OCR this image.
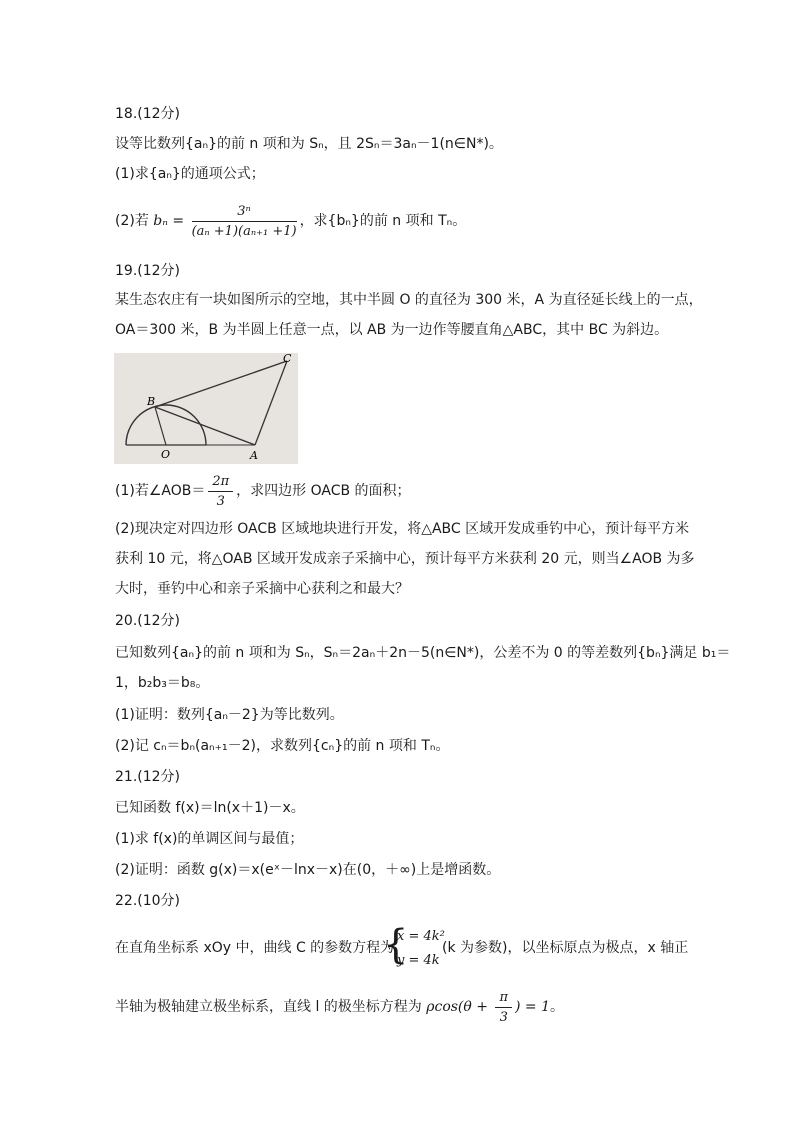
18.(12分)
设等比数列{aₙ}的前 n 项和为 Sₙ，且 2Sₙ＝3aₙ－1(n∈N*)。
(1)求{aₙ}的通项公式；
(2)若 $b_n = \frac{\text{3ⁿ}}{\text{(aₙ +1)(aₙ₊₁ +1)}}$ ，求{bₙ}的前 n 项和 Tₙ。
19.(12分)
某生态农庄有一块如图所示的空地，其中半圆 O 的直径为 300 米，A 为直径延长线上的一点，
OA＝300 米，B 为半圆上任意一点，以 AB 为一边作等腰直角△ABC，其中 BC 为斜边。
B
O	A
C
(1)若∠AOB＝ $\frac{2\pi}{3}$ ，求四边形 OACB 的面积；
(2)现决定对四边形 OACB 区域地块进行开发，将△ABC 区域开发成垂钓中心，预计每平方米
获利 10 元，将△OAB 区域开发成亲子采摘中心，预计每平方米获利 20 元，则当∠AOB 为多
大时，垂钓中心和亲子采摘中心获利之和最大？
20.(12分)
已知数列{aₙ}的前 n 项和为 Sₙ，Sₙ＝2aₙ＋2n－5(n∈N*)，公差不为 0 的等差数列{bₙ}满足 b₁＝
1，b₂b₃＝b₈。
(1)证明：数列{aₙ－2}为等比数列。
(2)记 cₙ＝bₙ(aₙ₊₁－2)，求数列{cₙ}的前 n 项和 Tₙ。
21.(12分)
已知函数 f(x)＝ln(x＋1)－x。
(1)求 f(x)的单调区间与最值；
(2)证明：函数 g(x)＝x(eˣ－lnx－x)在(0，＋∞)上是增函数。
22.(10分)
在直角坐标系 xOy 中，曲线 C 的参数方程为
{
x = 4k²
y = 4k
(k 为参数)，以坐标原点为极点，x 轴正
半轴为极轴建立极坐标系，直线 l 的极坐标方程为 $\rho\cos(\theta + \frac{\pi}{3}$ ) = 1。
